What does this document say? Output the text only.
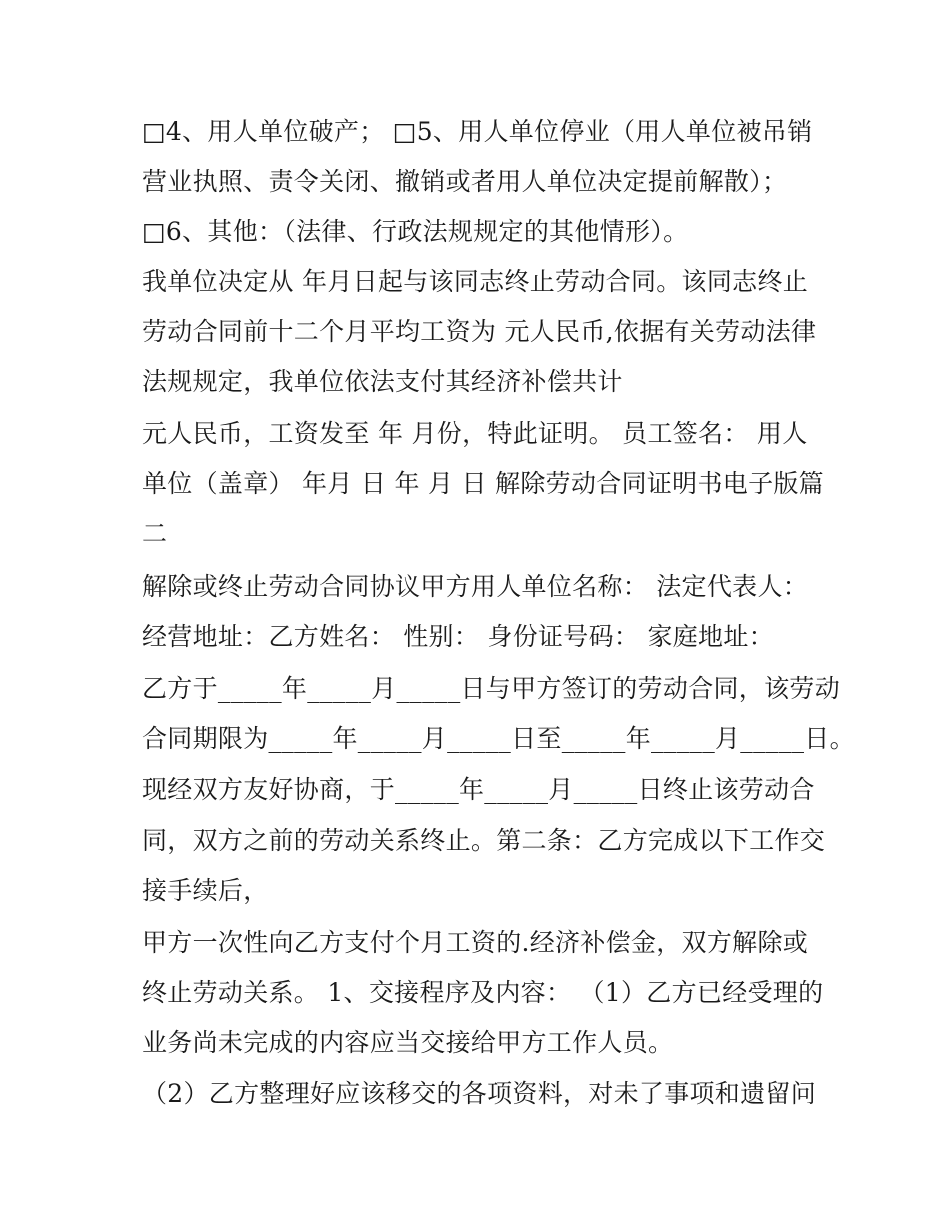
□4、用人单位破产； □5、用人单位停业（用人单位被吊销
营业执照、责令关闭、撤销或者用人单位决定提前解散）；
□6、其他：（法律、行政法规规定的其他情形）。
我单位决定从 年月日起与该同志终止劳动合同。该同志终止
劳动合同前十二个月平均工资为 元人民币,依据有关劳动法律
法规规定，我单位依法支付其经济补偿共计
元人民币，工资发至 年 月份，特此证明。 员工签名： 用人
单位（盖章） 年月 日 年 月 日 解除劳动合同证明书电子版篇
二
解除或终止劳动合同协议甲方用人单位名称： 法定代表人：
经营地址：乙方姓名： 性别： 身份证号码： 家庭地址：
乙方于_____年_____月_____日与甲方签订的劳动合同，该劳动
合同期限为_____年_____月_____日至_____年_____月_____日。
现经双方友好协商，于_____年_____月_____日终止该劳动合
同，双方之前的劳动关系终止。第二条：乙方完成以下工作交
接手续后，
甲方一次性向乙方支付个月工资的.经济补偿金，双方解除或
终止劳动关系。 1、交接程序及内容： （1）乙方已经受理的
业务尚未完成的内容应当交接给甲方工作人员。
（2）乙方整理好应该移交的各项资料，对未了事项和遗留问
